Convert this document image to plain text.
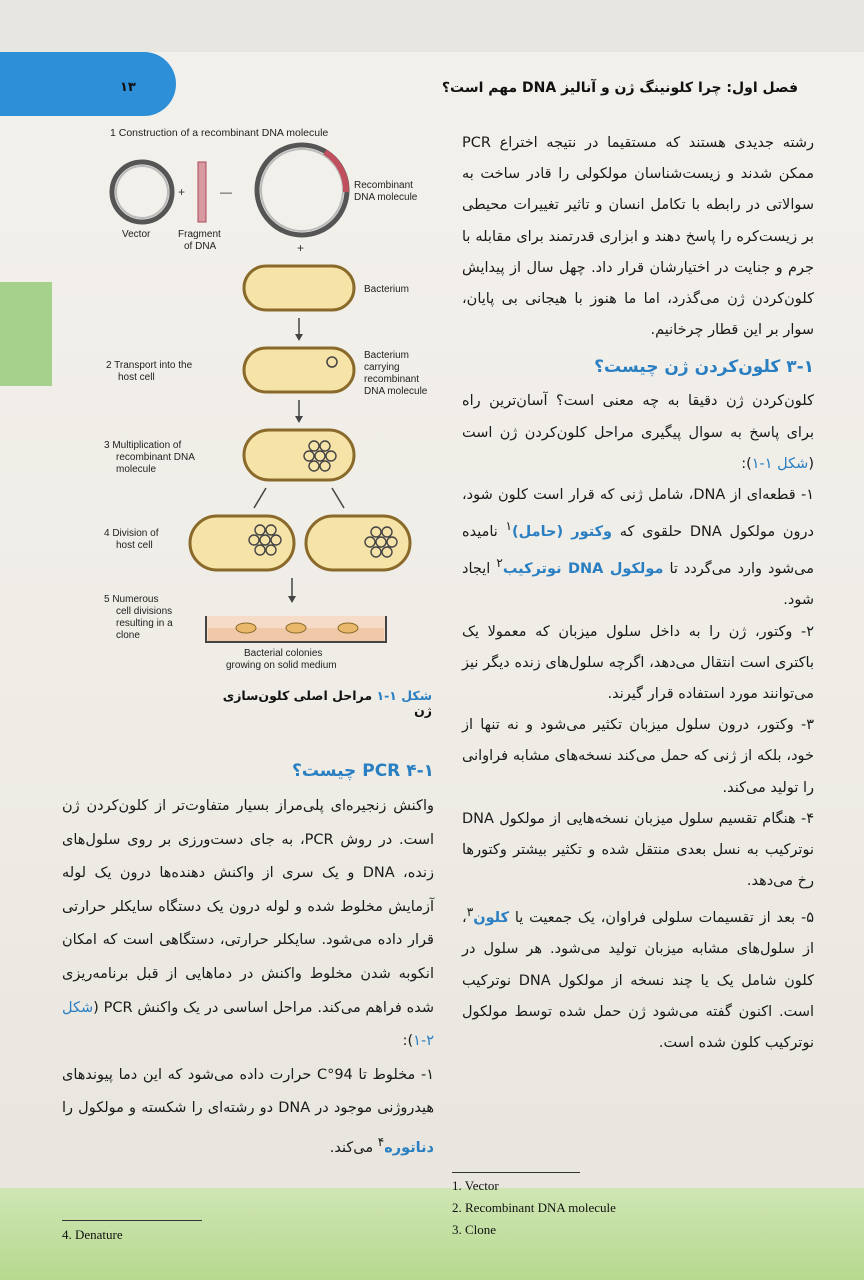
۱۳	فصل اول: چرا کلونینگ ژن و آنالیز DNA مهم است؟
1 Construction of a recombinant DNA molecule
+	—
Vector	Fragment
of DNA
Recombinant
DNA molecule
+
Bacterium
2 Transport into the
host cell
Bacterium
carrying
recombinant
DNA molecule
3 Multiplication of
recombinant DNA
molecule
4 Division of
host cell
5 Numerous
cell divisions
resulting in a
clone
Bacterial colonies
growing on solid medium
شکل ۱-۱ مراحل اصلی کلون‌سازی ژن

رشته جدیدی هستند که مستقیما در نتیجه اختراع PCR ممکن شدند و زیست‌شناسان مولکولی را قادر ساخت به سوالاتی در رابطه با تکامل انسان و تاثیر تغییرات محیطی بر زیست‌کره را پاسخ دهند و ابزاری قدرتمند برای مقابله با جرم و جنایت در اختیارشان قرار داد. چهل سال از پیدایش کلون‌کردن ژن می‌گذرد، اما ما هنوز با هیجانی بی پایان، سوار بر این قطار چرخانیم.

۳-۱ کلون‌کردن ژن چیست؟

کلون‌کردن ژن دقیقا به چه معنی است؟ آسان‌ترین راه برای پاسخ به سوال پیگیری مراحل کلون‌کردن ژن است (شکل ۱-۱):

۱- قطعه‌ای از DNA، شامل ژنی که قرار است کلون شود، درون مولکول DNA حلقوی که وکتور (حامل)$^۱$ نامیده می‌شود وارد می‌گردد تا مولکول DNA نوترکیب$^۲$ ایجاد شود.

۲- وکتور، ژن را به داخل سلول میزبان که معمولا یک باکتری است انتقال می‌دهد، اگرچه سلول‌های زنده دیگر نیز می‌توانند مورد استفاده قرار گیرند.

۳- وکتور، درون سلول میزبان تکثیر می‌شود و نه تنها از خود، بلکه از ژنی که حمل می‌کند نسخه‌های مشابه فراوانی را تولید می‌کند.

۴- هنگام تقسیم سلول میزبان نسخه‌هایی از مولکول DNA نوترکیب به نسل بعدی منتقل شده و تکثیر بیشتر وکتورها رخ می‌دهد.

۵- بعد از تقسیمات سلولی فراوان، یک جمعیت یا کلون$^۳$، از سلول‌های مشابه میزبان تولید می‌شود. هر سلول در کلون شامل یک یا چند نسخه از مولکول DNA نوترکیب است. اکنون گفته می‌شود ژن حمل شده توسط مولکول نوترکیب کلون شده است.

۴-۱ PCR چیست؟

واکنش زنجیره‌ای پلی‌مراز بسیار متفاوت‌تر از کلون‌کردن ژن است. در روش PCR، به جای دست‌ورزی بر روی سلول‌های زنده، DNA و یک سری از واکنش دهنده‌ها درون یک لوله آزمایش مخلوط شده و لوله درون یک دستگاه سایکلر حرارتی قرار داده می‌شود. سایکلر حرارتی، دستگاهی است که امکان انکوبه شدن مخلوط واکنش در دماهایی از قبل برنامه‌ریزی شده فراهم می‌کند. مراحل اساسی در یک واکنش PCR (شکل ۲-۱):

۱- مخلوط تا 94°C حرارت داده می‌شود که این دما پیوندهای هیدروژنی موجود در DNA دو رشته‌ای را شکسته و مولکول را دناتوره$^۴$ می‌کند.

4. Denature
1. Vector
2. Recombinant DNA molecule
3. Clone
